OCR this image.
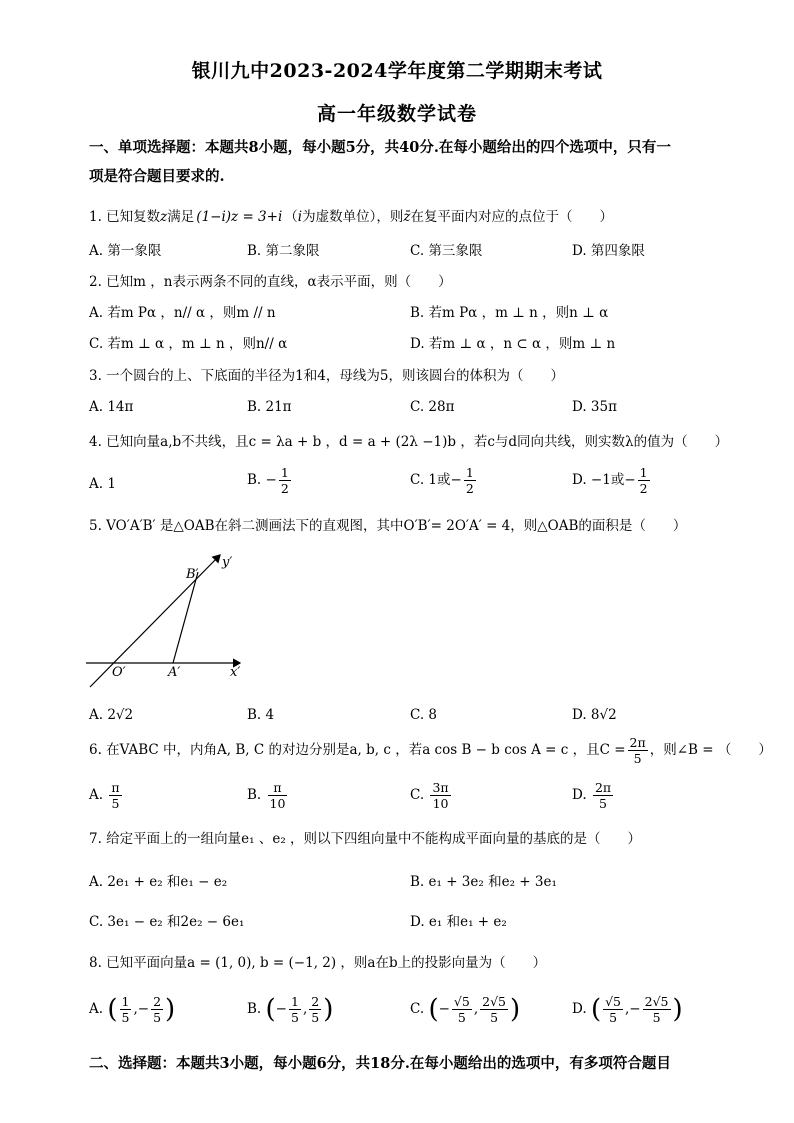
银川九中2023-2024学年度第二学期期末考试
高一年级数学试卷
一、单项选择题：本题共8小题，每小题5分，共40分.在每小题给出的四个选项中，只有一
项是符合题目要求的.
1. 已知复数z满足 (1−i)z = 3+i （i为虚数单位），则z̄在复平面内对应的点位于（　　）
A. 第一象限	B. 第二象限	C. 第三象限	D. 第四象限
2. 已知m ，n表示两条不同的直线，α表示平面，则（　　）
A. 若m Pα ，n// α ，则m // n	B. 若m Pα ，m ⊥ n ，则n ⊥ α
C. 若m ⊥ α ，m ⊥ n ，则n// α	D. 若m ⊥ α ，n ⊂ α ，则m ⊥ n
3. 一个圆台的上、下底面的半径为1和4，母线为5，则该圆台的体积为（　　）
A. 14π	B. 21π	C. 28π	D. 35π
4. 已知向量a,b不共线，且c = λa + b ，d = a + (2λ −1)b ，若c与d同向共线，则实数λ的值为（　　）
A. 1	B. − $\frac{1}{2}$	C. 1或− $\frac{1}{2}$	D. −1或− $\frac{1}{2}$
5. VO′A′B′ 是△OAB在斜二测画法下的直观图，其中O′B′= 2O′A′ = 4，则△OAB的面积是（　　）
B′
y′
O′	A′	x′
A. 2√2	B. 4	C. 8	D. 8√2
6. 在VABC 中，内角A, B, C 的对边分别是a, b, c ，若a cos B − b cos A = c ，且$C = \frac{2\pi}{5}$ ，则∠B = （　　）
A. $\frac{\pi}{5}$	B. $\frac{\pi}{10}$	C. $\frac{3\pi}{10}$	D. $\frac{2\pi}{5}$
7. 给定平面上的一组向量e₁ 、e₂ ，则以下四组向量中不能构成平面向量的基底的是（　　）
A. 2e₁ + e₂ 和e₁ − e₂	B. e₁ + 3e₂ 和e₂ + 3e₁
C. 3e₁ − e₂ 和2e₂ − 6e₁	D. e₁ 和e₁ + e₂
8. 已知平面向量a = (1, 0), b = (−1, 2) ，则a在b上的投影向量为（　　）
A. ( $\frac{1}{5}$ ,− $\frac{2}{5}$ )	B. (− $\frac{1}{5}$ , $\frac{2}{5}$ )	C. (− $\frac{√5}{5}$ , $\frac{2√5}{5}$ )	D. ( $\frac{√5}{5}$ ,− $\frac{2√5}{5}$ )
二、选择题：本题共3小题，每小题6分，共18分.在每小题给出的选项中，有多项符合题目
